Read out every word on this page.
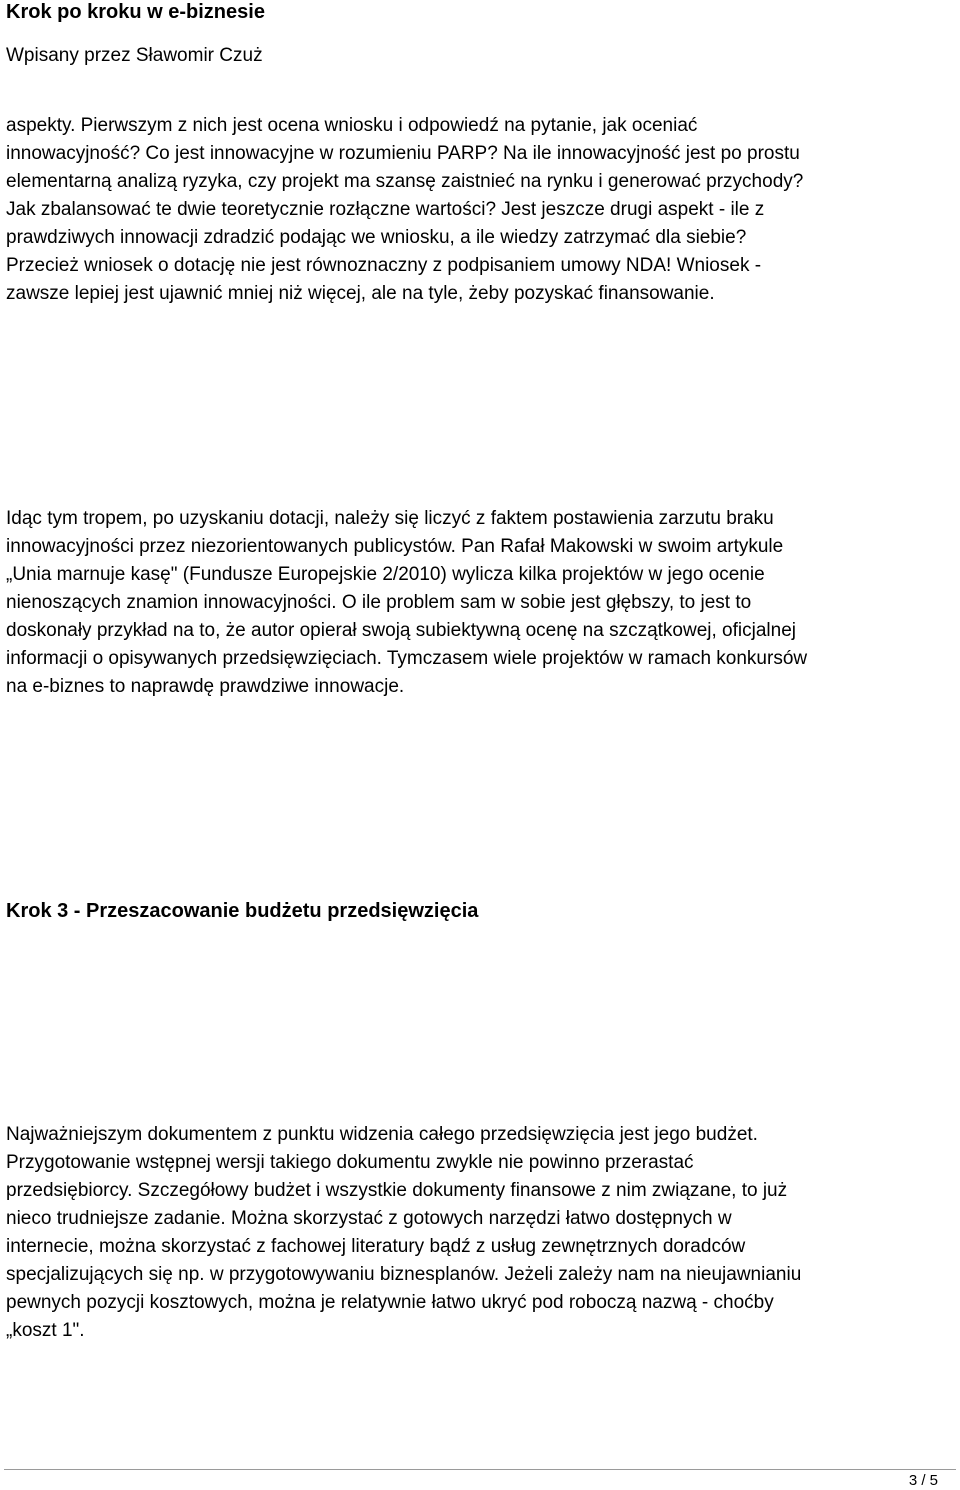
Krok po kroku w e-biznesie
Wpisany przez Sławomir Czuż

aspekty. Pierwszym z nich jest ocena wniosku i odpowiedź na pytanie, jak oceniać
innowacyjność? Co jest innowacyjne w rozumieniu PARP? Na ile innowacyjność jest po prostu
elementarną analizą ryzyka, czy projekt ma szansę zaistnieć na rynku i generować przychody?
Jak zbalansować te dwie teoretycznie rozłączne wartości? Jest jeszcze drugi aspekt - ile z
prawdziwych innowacji zdradzić podając we wniosku, a ile wiedzy zatrzymać dla siebie?
Przecież wniosek o dotację nie jest równoznaczny z podpisaniem umowy NDA! Wniosek -
zawsze lepiej jest ujawnić mniej niż więcej, ale na tyle, żeby pozyskać finansowanie.

Idąc tym tropem, po uzyskaniu dotacji, należy się liczyć z faktem postawienia zarzutu braku
innowacyjności przez niezorientowanych publicystów. Pan Rafał Makowski w swoim artykule
„Unia marnuje kasę" (Fundusze Europejskie 2/2010) wylicza kilka projektów w jego ocenie
nienoszących znamion innowacyjności. O ile problem sam w sobie jest głębszy, to jest to
doskonały przykład na to, że autor opierał swoją subiektywną ocenę na szczątkowej, oficjalnej
informacji o opisywanych przedsięwzięciach. Tymczasem wiele projektów w ramach konkursów
na e-biznes to naprawdę prawdziwe innowacje.

Krok 3 - Przeszacowanie budżetu przedsięwzięcia

Najważniejszym dokumentem z punktu widzenia całego przedsięwzięcia jest jego budżet.
Przygotowanie wstępnej wersji takiego dokumentu zwykle nie powinno przerastać
przedsiębiorcy. Szczegółowy budżet i wszystkie dokumenty finansowe z nim związane, to już
nieco trudniejsze zadanie. Można skorzystać z gotowych narzędzi łatwo dostępnych w
internecie, można skorzystać z fachowej literatury bądź z usług zewnętrznych doradców
specjalizujących się np. w przygotowywaniu biznesplanów. Jeżeli zależy nam na nieujawnianiu
pewnych pozycji kosztowych, można je relatywnie łatwo ukryć pod roboczą nazwą - choćby
„koszt 1".

3 / 5
